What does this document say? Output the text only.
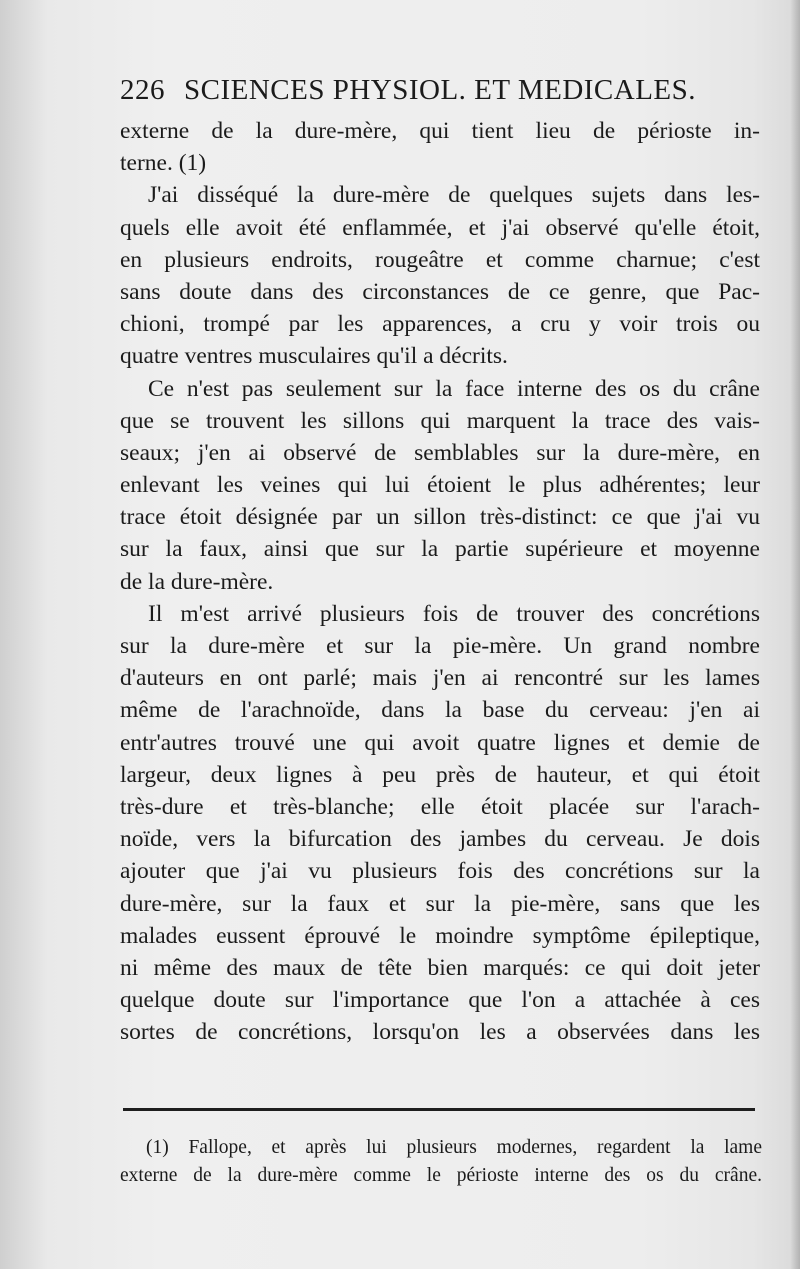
226 SCIENCES PHYSIOL. ET MEDICALES.
externe de la dure-mère, qui tient lieu de périoste in-
terne. (1)
J'ai disséqué la dure-mère de quelques sujets dans les-
quels elle avoit été enflammée, et j'ai observé qu'elle étoit,
en plusieurs endroits, rougeâtre et comme charnue; c'est
sans doute dans des circonstances de ce genre, que Pac-
chioni, trompé par les apparences, a cru y voir trois ou
quatre ventres musculaires qu'il a décrits.
Ce n'est pas seulement sur la face interne des os du crâne
que se trouvent les sillons qui marquent la trace des vais-
seaux; j'en ai observé de semblables sur la dure-mère, en
enlevant les veines qui lui étoient le plus adhérentes; leur
trace étoit désignée par un sillon très-distinct: ce que j'ai vu
sur la faux, ainsi que sur la partie supérieure et moyenne
de la dure-mère.
Il m'est arrivé plusieurs fois de trouver des concrétions
sur la dure-mère et sur la pie-mère. Un grand nombre
d'auteurs en ont parlé; mais j'en ai rencontré sur les lames
même de l'arachnoïde, dans la base du cerveau: j'en ai
entr'autres trouvé une qui avoit quatre lignes et demie de
largeur, deux lignes à peu près de hauteur, et qui étoit
très-dure et très-blanche; elle étoit placée sur l'arach-
noïde, vers la bifurcation des jambes du cerveau. Je dois
ajouter que j'ai vu plusieurs fois des concrétions sur la
dure-mère, sur la faux et sur la pie-mère, sans que les
malades eussent éprouvé le moindre symptôme épileptique,
ni même des maux de tête bien marqués: ce qui doit jeter
quelque doute sur l'importance que l'on a attachée à ces
sortes de concrétions, lorsqu'on les a observées dans les
(1) Fallope, et après lui plusieurs modernes, regardent la lame
externe de la dure-mère comme le périoste interne des os du crâne.
